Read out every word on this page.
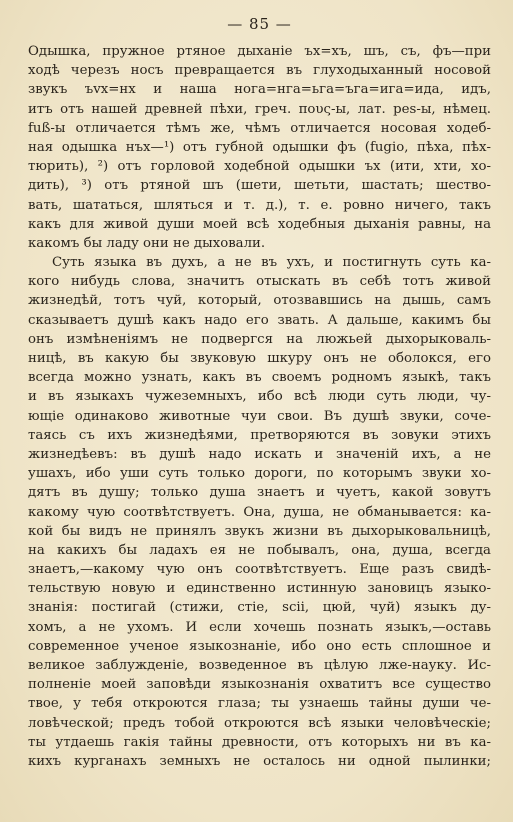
— 85 —
Одышка, пружное ртяное дыханіе ъх=хъ, шъ, съ, фъ—при
ходѣ черезъ носъ превращается въ глуходыханный носовой
звукъ ъvх=нх и наша нога=нга=ьга=ъга=ига=ида, идъ,
итъ отъ нашей древней пѣхи, греч. πους-ы, лат. pes-ы, нѣмец.
fuß-ы отличается тѣмъ же, чѣмъ отличается носовая ходеб-
ная одышка нъх—¹) отъ губной одышки фъ (fugio, пѣха, пѣх-
тюрить), ²) отъ горловой ходебной одышки ъх (ити, хти, хо-
дить), ³) отъ ртяной шъ (шети, шетьти, шастать; шество-
вать, шататься, шляться и т. д.), т. е. ровно ничего, такъ
какъ для живой души моей всѣ ходебныя дыханія равны, на
какомъ бы ладу они не дыховали.
Суть языка въ духъ, а не въ ухъ, и постигнуть суть ка-
кого нибудь слова, значитъ отыскать въ себѣ тотъ живой
жизнедѣй, тотъ чуй, который, отозвавшись на дышь, самъ
сказываетъ душѣ какъ надо его звать. А дальше, какимъ бы
онъ измѣненіямъ не подвергся на люжьей дыхорыковаль-
ницѣ, въ какую бы звуковую шкуру онъ не оболокся, его
всегда можно узнать, какъ въ своемъ родномъ языкѣ, такъ
и въ языкахъ чужеземныхъ, ибо всѣ люди суть люди, чу-
ющіе одинаково животные чуи свои. Въ душѣ звуки, соче-
таясь съ ихъ жизнедѣями, претворяются въ зовуки этихъ
жизнедѣевъ: въ душѣ надо искать и значеній ихъ, а не
ушахъ, ибо уши суть только дороги, по которымъ звуки хо-
дятъ въ душу; только душа знаетъ и чуетъ, какой зовутъ
какому чую соотвѣтствуетъ. Она, душа, не обманывается: ка-
кой бы видъ не принялъ звукъ жизни въ дыхорыковальницѣ,
на какихъ бы ладахъ ея не побывалъ, она, душа, всегда
знаетъ,—какому чую онъ соотвѣтствуетъ. Еще разъ свидѣ-
тельствую новую и единственно истинную зановицъ языко-
знанія: постигай (стижи, стіе, scii, цюй, чуй) языкъ ду-
хомъ, а не ухомъ. И если хочешь познать языкъ,—оставь
современное ученое языкознаніе, ибо оно есть сплошное и
великое заблужденіе, возведенное въ цѣлую лже-науку. Ис-
полненіе моей заповѣди языкознанія охватитъ все существо
твое, у тебя откроются глаза; ты узнаешь тайны души че-
ловѣческой; предъ тобой откроются всѣ языки человѣческіе;
ты утдаешь гакія тайны древности, отъ которыхъ ни въ ка-
кихъ курганахъ земныхъ не осталось ни одной пылинки;
